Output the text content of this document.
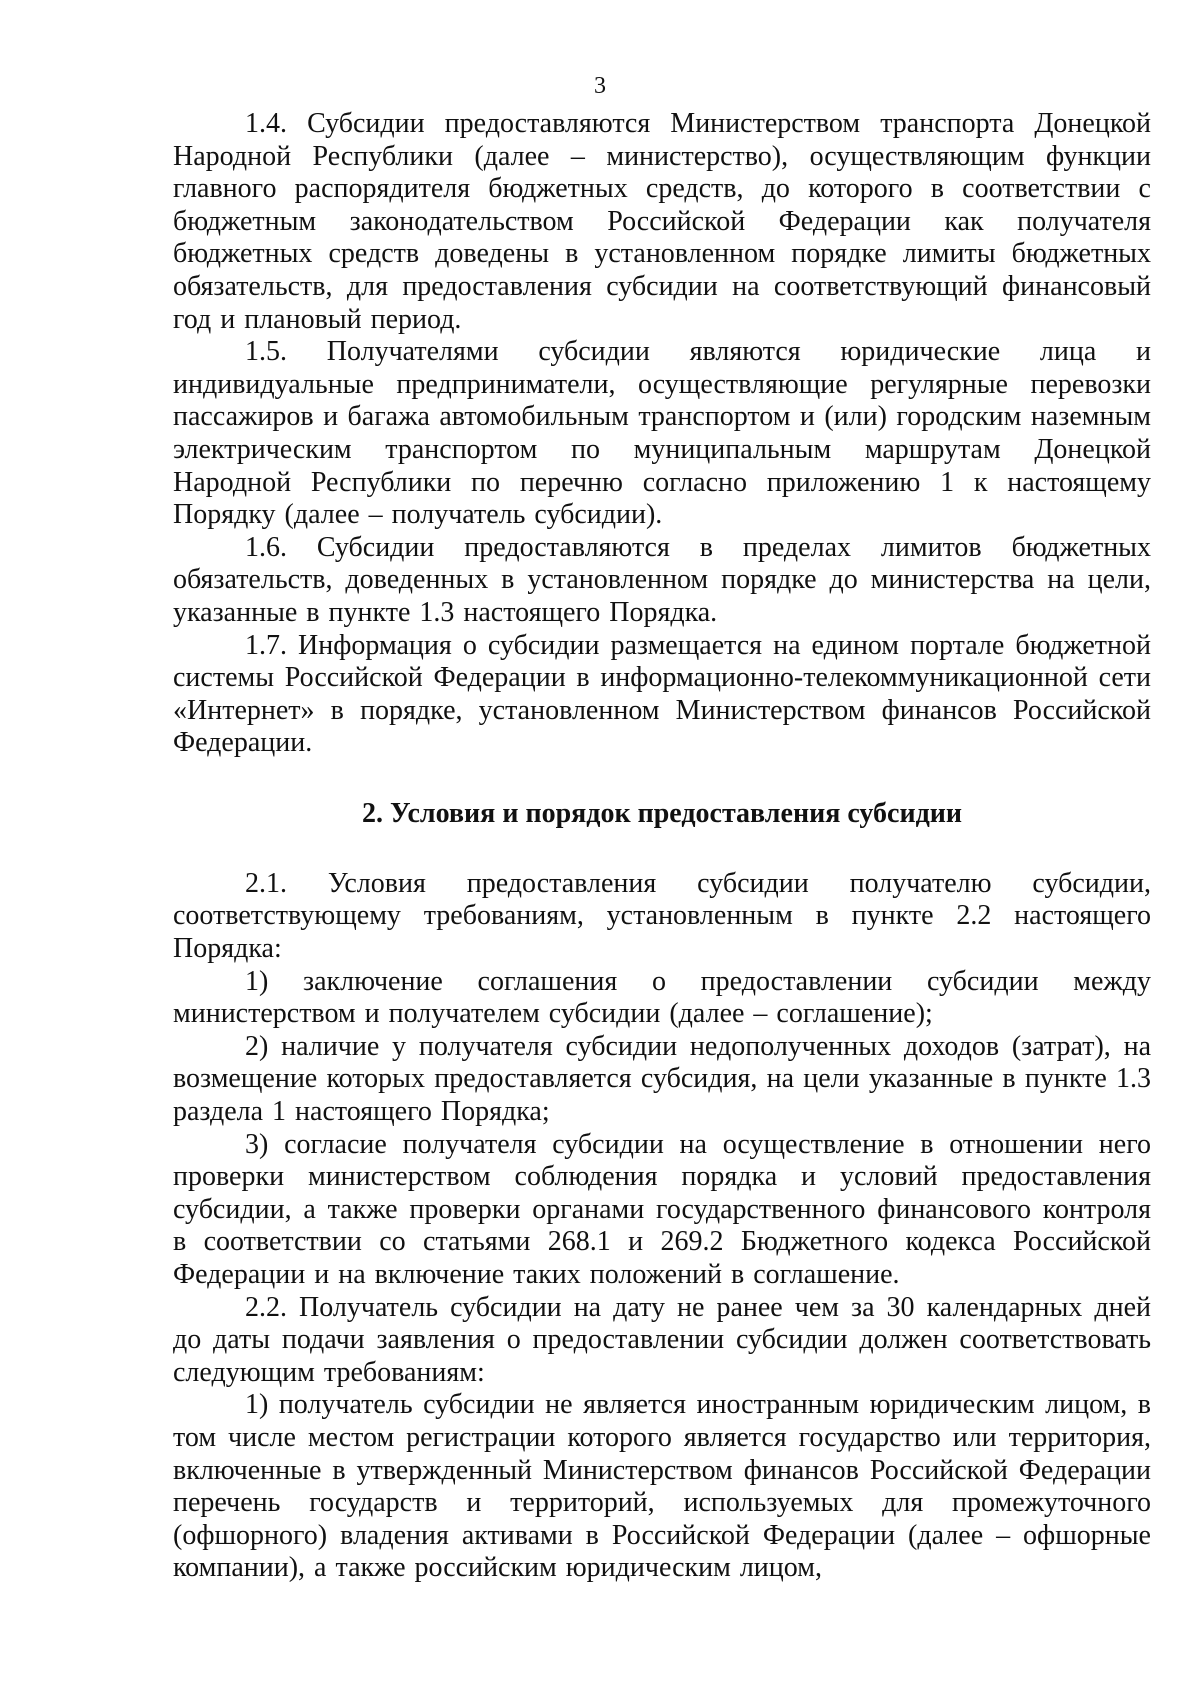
3

1.4. Субсидии предоставляются Министерством транспорта Донецкой Народной Республики (далее – министерство), осуществляющим функции главного распорядителя бюджетных средств, до которого в соответствии с бюджетным законодательством Российской Федерации как получателя бюджетных средств доведены в установленном порядке лимиты бюджетных обязательств, для предоставления субсидии на соответствующий финансовый год и плановый период.

1.5. Получателями субсидии являются юридические лица и индивидуальные предприниматели, осуществляющие регулярные перевозки пассажиров и багажа автомобильным транспортом и (или) городским наземным электрическим транспортом по муниципальным маршрутам Донецкой Народной Республики по перечню согласно приложению 1 к настоящему Порядку (далее – получатель субсидии).

1.6. Субсидии предоставляются в пределах лимитов бюджетных обязательств, доведенных в установленном порядке до министерства на цели, указанные в пункте 1.3 настоящего Порядка.

1.7. Информация о субсидии размещается на едином портале бюджетной системы Российской Федерации в информационно-телекоммуникационной сети «Интернет» в порядке, установленном Министерством финансов Российской Федерации.

2. Условия и порядок предоставления субсидии

2.1. Условия предоставления субсидии получателю субсидии, соответствующему требованиям, установленным в пункте 2.2 настоящего Порядка:

1) заключение соглашения о предоставлении субсидии между министерством и получателем субсидии (далее – соглашение);

2) наличие у получателя субсидии недополученных доходов (затрат), на возмещение которых предоставляется субсидия, на цели указанные в пункте 1.3 раздела 1 настоящего Порядка;

3) согласие получателя субсидии на осуществление в отношении него проверки министерством соблюдения порядка и условий предоставления субсидии, а также проверки органами государственного финансового контроля в соответствии со статьями 268.1 и 269.2 Бюджетного кодекса Российской Федерации и на включение таких положений в соглашение.

2.2. Получатель субсидии на дату не ранее чем за 30 календарных дней до даты подачи заявления о предоставлении субсидии должен соответствовать следующим требованиям:

1) получатель субсидии не является иностранным юридическим лицом, в том числе местом регистрации которого является государство или территория, включенные в утвержденный Министерством финансов Российской Федерации перечень государств и территорий, используемых для промежуточного (офшорного) владения активами в Российской Федерации (далее – офшорные компании), а также российским юридическим лицом,
